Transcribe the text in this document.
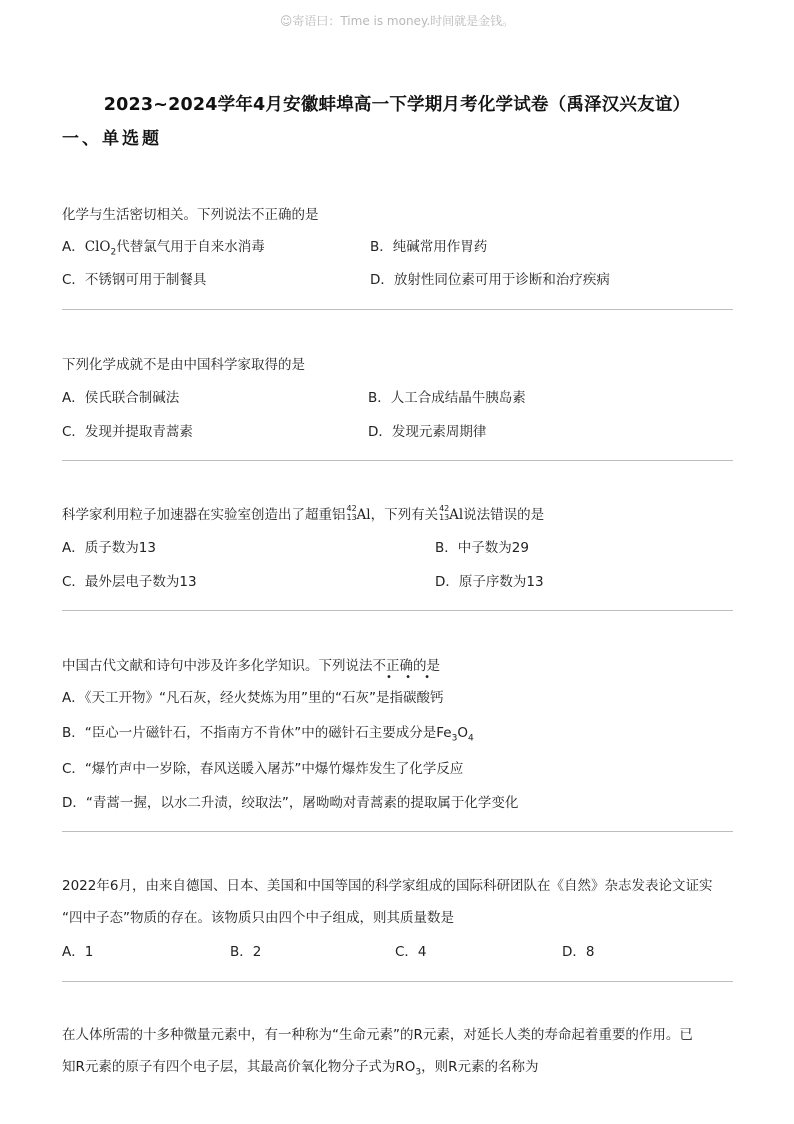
☺寄语曰：Time is money.时间就是金钱。
2023~2024学年4月安徽蚌埠高一下学期月考化学试卷（禹泽汉兴友谊）
一、单选题
化学与生活密切相关。下列说法不正确的是
A．ClO$_2$代替氯气用于自来水消毒	B．纯碱常用作胃药
C．不锈钢可用于制餐具	D．放射性同位素可用于诊断和治疗疾病
下列化学成就不是由中国科学家取得的是
A．侯氏联合制碱法	B．人工合成结晶牛胰岛素
C．发现并提取青蒿素	D．发现元素周期律
科学家利用粒子加速器在实验室创造出了超重铝 42
13 Al，下列有关 42
13 Al说法错误的是
A．质子数为13	B．中子数为29
C．最外层电子数为13	D．原子序数为13
中国古代文献和诗句中涉及许多化学知识。下列说法不正确的是
• • •
A．《天工开物》“凡石灰，经火焚炼为用”里的“石灰”是指碳酸钙
B．“臣心一片磁针石，不指南方不肯休”中的磁针石主要成分是$Fe_3O_4$
C．“爆竹声中一岁除，春风送暖入屠苏”中爆竹爆炸发生了化学反应
D．“青蒿一握，以水二升渍，绞取法”，屠呦呦对青蒿素的提取属于化学变化
2022年6月，由来自德国、日本、美国和中国等国的科学家组成的国际科研团队在《自然》杂志发表论文证实
“四中子态”物质的存在。该物质只由四个中子组成，则其质量数是
A．1	B．2	C．4	D．8
在人体所需的十多种微量元素中，有一种称为“生命元素”的R元素，对延长人类的寿命起着重要的作用。已
知R元素的原子有四个电子层，其最高价氧化物分子式为$RO_3$，则R元素的名称为
